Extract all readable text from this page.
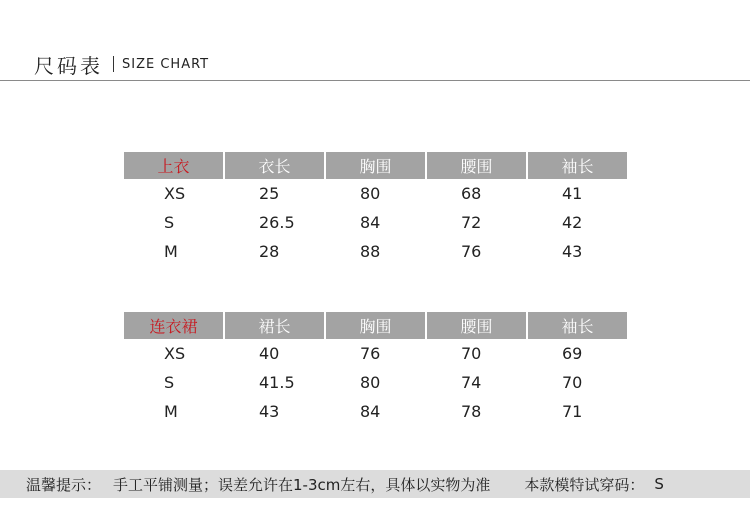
尺码表 SIZE CHART
上衣	衣长	胸围	腰围	袖长
XS	25	80	68	41
S	26.5	84	72	42
M	28	88	76	43
连衣裙	裙长	胸围	腰围	袖长
XS	40	76	70	69
S	41.5	80	74	70
M	43	84	78	71
温馨提示： 手工平铺测量；误差允许在1-3cm左右，具体以实物为准 本款模特试穿码： S
